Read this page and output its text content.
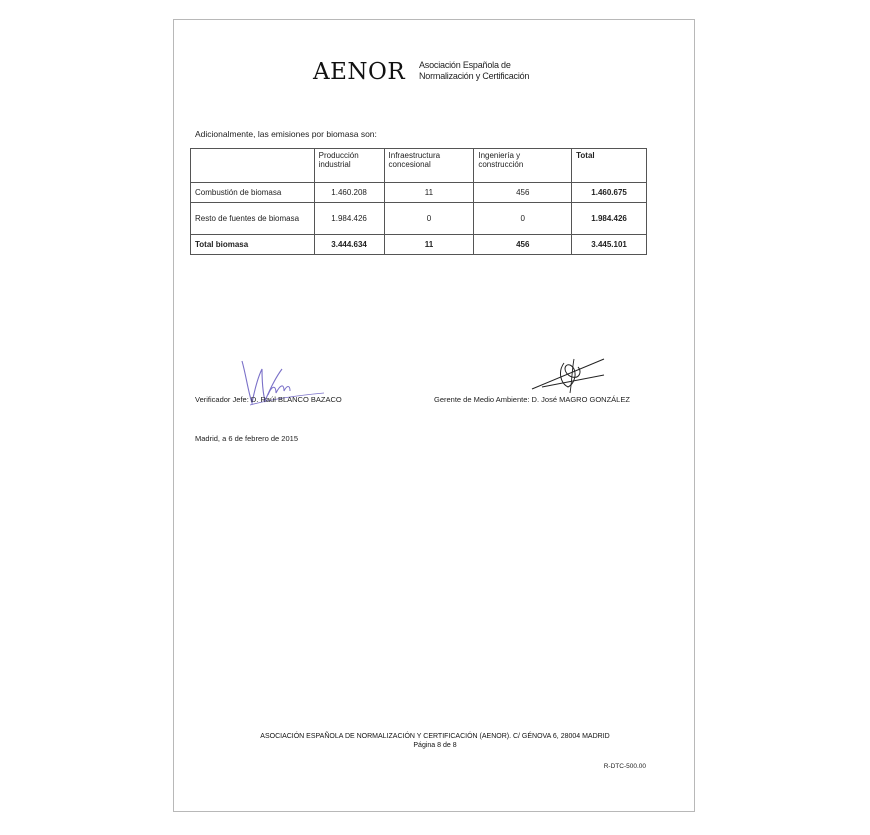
AENOR Asociación Española de
Normalización y Certificación
Adicionalmente, las emisiones por biomasa son:
	Producción industrial	Infraestructura concesional	Ingeniería y construcción	Total
Combustión de biomasa	1.460.208	11	456	1.460.675
Resto de fuentes de biomasa	1.984.426	0	0	1.984.426
Total biomasa	3.444.634	11	456	3.445.101
Verificador Jefe: D. Raúl BLANCO BAZACO	Gerente de Medio Ambiente: D. José MAGRO GONZÁLEZ
Madrid, a 6 de febrero de 2015
ASOCIACIÓN ESPAÑOLA DE NORMALIZACIÓN Y CERTIFICACIÓN (AENOR). C/ GÉNOVA 6, 28004 MADRID
Página 8 de 8
R-DTC-500.00
